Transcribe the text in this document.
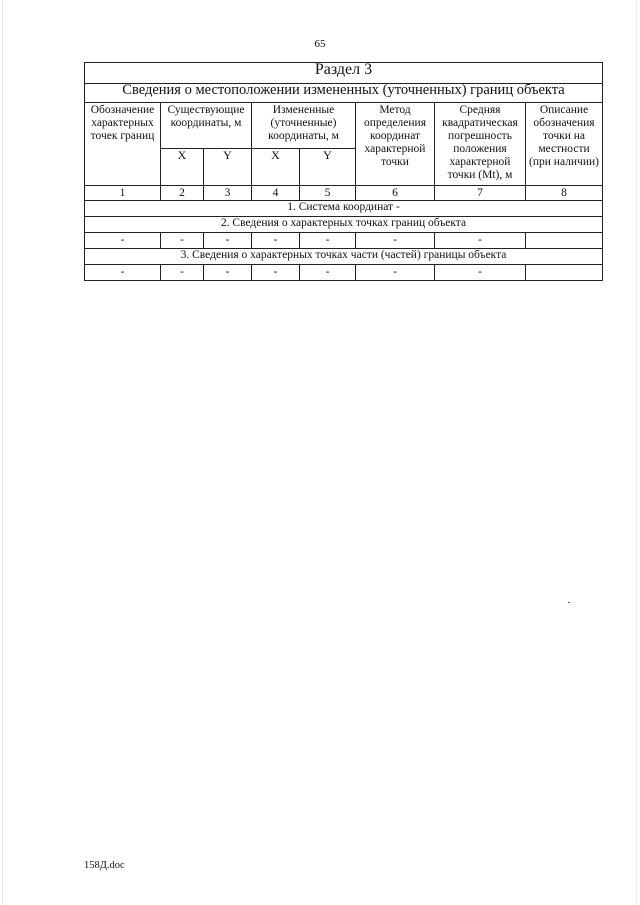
65
Раздел 3							
Сведения о местоположении измененных (уточненных) границ объекта							
Обозначение характерных точек границ	Существующие координаты, м		Измененные (уточненные) координаты, м		Метод определения координат характерной точки	Средняя квадратическая погрешность положения характерной точки (Mt), м	Описание обозначения точки на местности (при наличии)
	X	Y	X	Y			
1	2	3	4	5	6	7	8
1. Система координат -							
2. Сведения о характерных точках границ объекта							
-	-	-	-	-	-	-	
3. Сведения о характерных точках части (частей) границы объекта							
-	-	-	-	-	-	-	
158Д.doc
